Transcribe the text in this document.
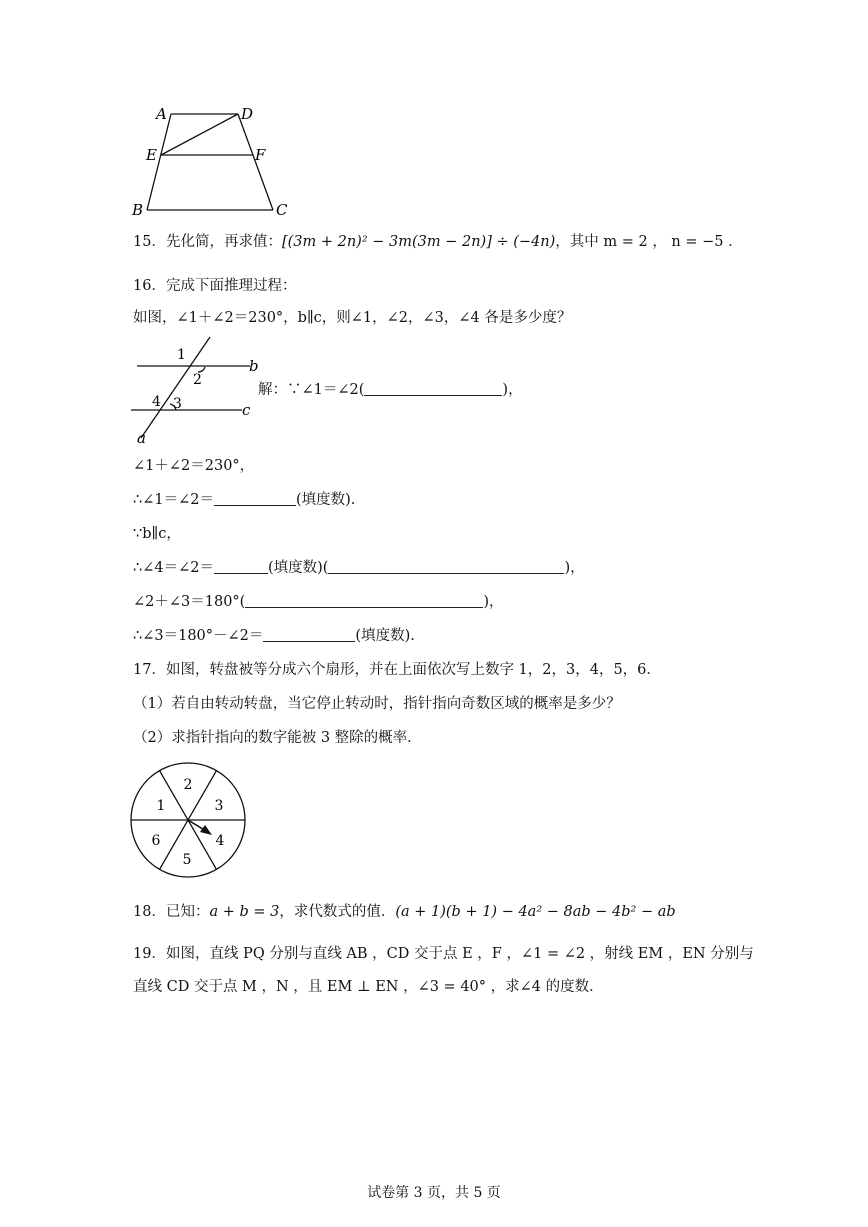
A	D
E	F
B	C
15．先化简，再求值：[(3m + 2n)² − 3m(3m − 2n)] ÷ (−4n)，其中 m = 2 ， n = −5 ．
16．完成下面推理过程：
如图，∠1＋∠2＝230°，b∥c，则∠1，∠2，∠3，∠4 各是多少度？
1
2
4 3
b
c
a
解：∵∠1＝∠2(	)，
∠1＋∠2＝230°，
∴∠1＝∠2＝	(填度数).
∵b∥c，
∴∠4＝∠2＝	(填度数)(	)，
∠2＋∠3＝180°(	)，
∴∠3＝180°－∠2＝	(填度数).
17．如图，转盘被等分成六个扇形，并在上面依次写上数字 1，2，3，4，5，6．
（1）若自由转动转盘，当它停止转动时，指针指向奇数区域的概率是多少？
（2）求指针指向的数字能被 3 整除的概率．
2
1	3
6	4
5
18．已知：a + b = 3，求代数式的值．(a + 1)(b + 1) − 4a² − 8ab − 4b² − ab
19．如图，直线 PQ 分别与直线 AB ，CD 交于点 E ，F ，∠1 = ∠2 ，射线 EM ，EN 分别与
直线 CD 交于点 M ，N ，且 EM ⊥ EN ，∠3 = 40° ，求∠4 的度数．
试卷第 3 页，共 5 页
